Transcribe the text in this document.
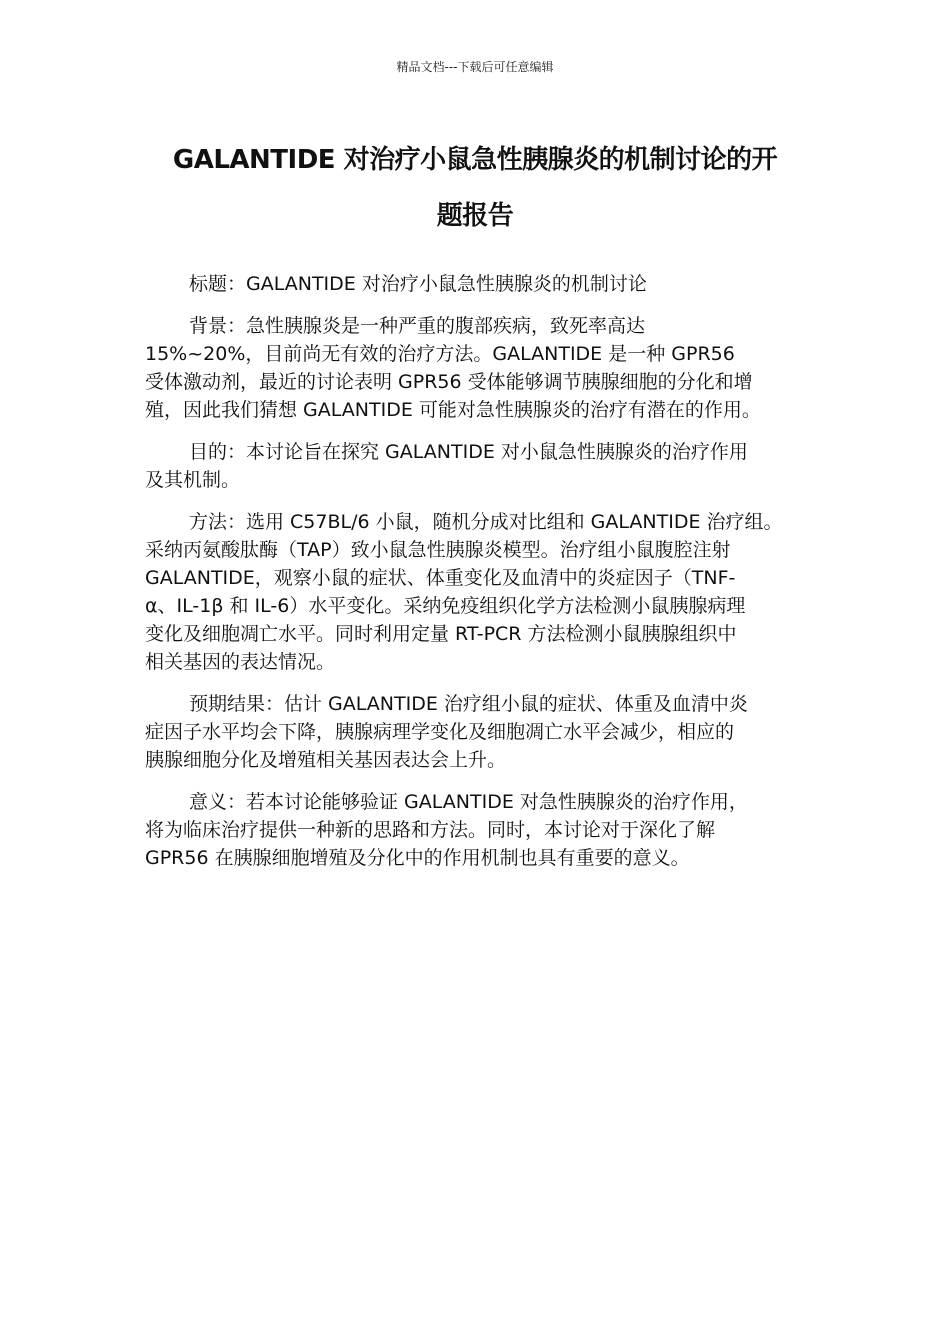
精品文档---下载后可任意编辑
GALANTIDE 对治疗小鼠急性胰腺炎的机制讨论的开
题报告

标题：GALANTIDE 对治疗小鼠急性胰腺炎的机制讨论

背景：急性胰腺炎是一种严重的腹部疾病，致死率高达
15%~20%，目前尚无有效的治疗方法。GALANTIDE 是一种 GPR56
受体激动剂，最近的讨论表明 GPR56 受体能够调节胰腺细胞的分化和增
殖，因此我们猜想 GALANTIDE 可能对急性胰腺炎的治疗有潜在的作用。

目的：本讨论旨在探究 GALANTIDE 对小鼠急性胰腺炎的治疗作用
及其机制。

方法：选用 C57BL/6 小鼠，随机分成对比组和 GALANTIDE 治疗组。
采纳丙氨酸肽酶（TAP）致小鼠急性胰腺炎模型。治疗组小鼠腹腔注射
GALANTIDE，观察小鼠的症状、体重变化及血清中的炎症因子（TNF-
α、IL-1β 和 IL-6）水平变化。采纳免疫组织化学方法检测小鼠胰腺病理
变化及细胞凋亡水平。同时利用定量 RT-PCR 方法检测小鼠胰腺组织中
相关基因的表达情况。

预期结果：估计 GALANTIDE 治疗组小鼠的症状、体重及血清中炎
症因子水平均会下降，胰腺病理学变化及细胞凋亡水平会减少，相应的
胰腺细胞分化及增殖相关基因表达会上升。

意义：若本讨论能够验证 GALANTIDE 对急性胰腺炎的治疗作用，
将为临床治疗提供一种新的思路和方法。同时，本讨论对于深化了解
GPR56 在胰腺细胞增殖及分化中的作用机制也具有重要的意义。
